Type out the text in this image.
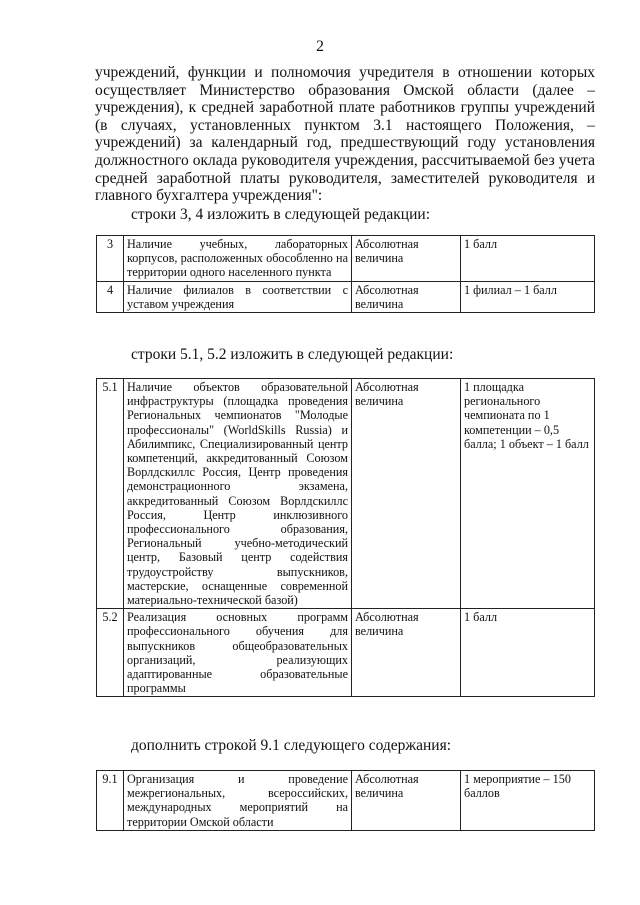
2

учреждений, функции и полномочия учредителя в отношении которых осуществляет Министерство образования Омской области (далее – учреждения), к средней заработной плате работников группы учреждений (в случаях, установленных пунктом 3.1 настоящего Положения, – учреждений) за календарный год, предшествующий году установления должностного оклада руководителя учреждения, рассчитываемой без учета средней заработной платы руководителя, заместителей руководителя и главного бухгалтера учреждения":

строки 3, 4 изложить в следующей редакции:

3	Наличие учебных, лабораторных корпусов, расположенных обособленно на территории одного населенного пункта	Абсолютная величина	1 балл
4	Наличие филиалов в соответствии с уставом учреждения	Абсолютная величина	1 филиал – 1 балл

строки 5.1, 5.2 изложить в следующей редакции:

5.1	Наличие объектов образовательной инфраструктуры (площадка проведения Региональных чемпионатов "Молодые профессионалы" (WorldSkills Russia) и Абилимпикс, Специализированный центр компетенций, аккредитованный Союзом Ворлдскиллс Россия, Центр проведения демонстрационного экзамена, аккредитованный Союзом Ворлдскиллс Россия, Центр инклюзивного профессионального образования, Региональный учебно-методический центр, Базовый центр содействия трудоустройству выпускников, мастерские, оснащенные современной материально-технической базой)	Абсолютная величина	1 площадка регионального чемпионата по 1 компетенции – 0,5 балла; 1 объект – 1 балл
5.2	Реализация основных программ профессионального обучения для выпускников общеобразовательных организаций, реализующих адаптированные образовательные программы	Абсолютная величина	1 балл

дополнить строкой 9.1 следующего содержания:

9.1	Организация и проведение межрегиональных, всероссийских, международных мероприятий на территории Омской области	Абсолютная величина	1 мероприятие – 150 баллов
